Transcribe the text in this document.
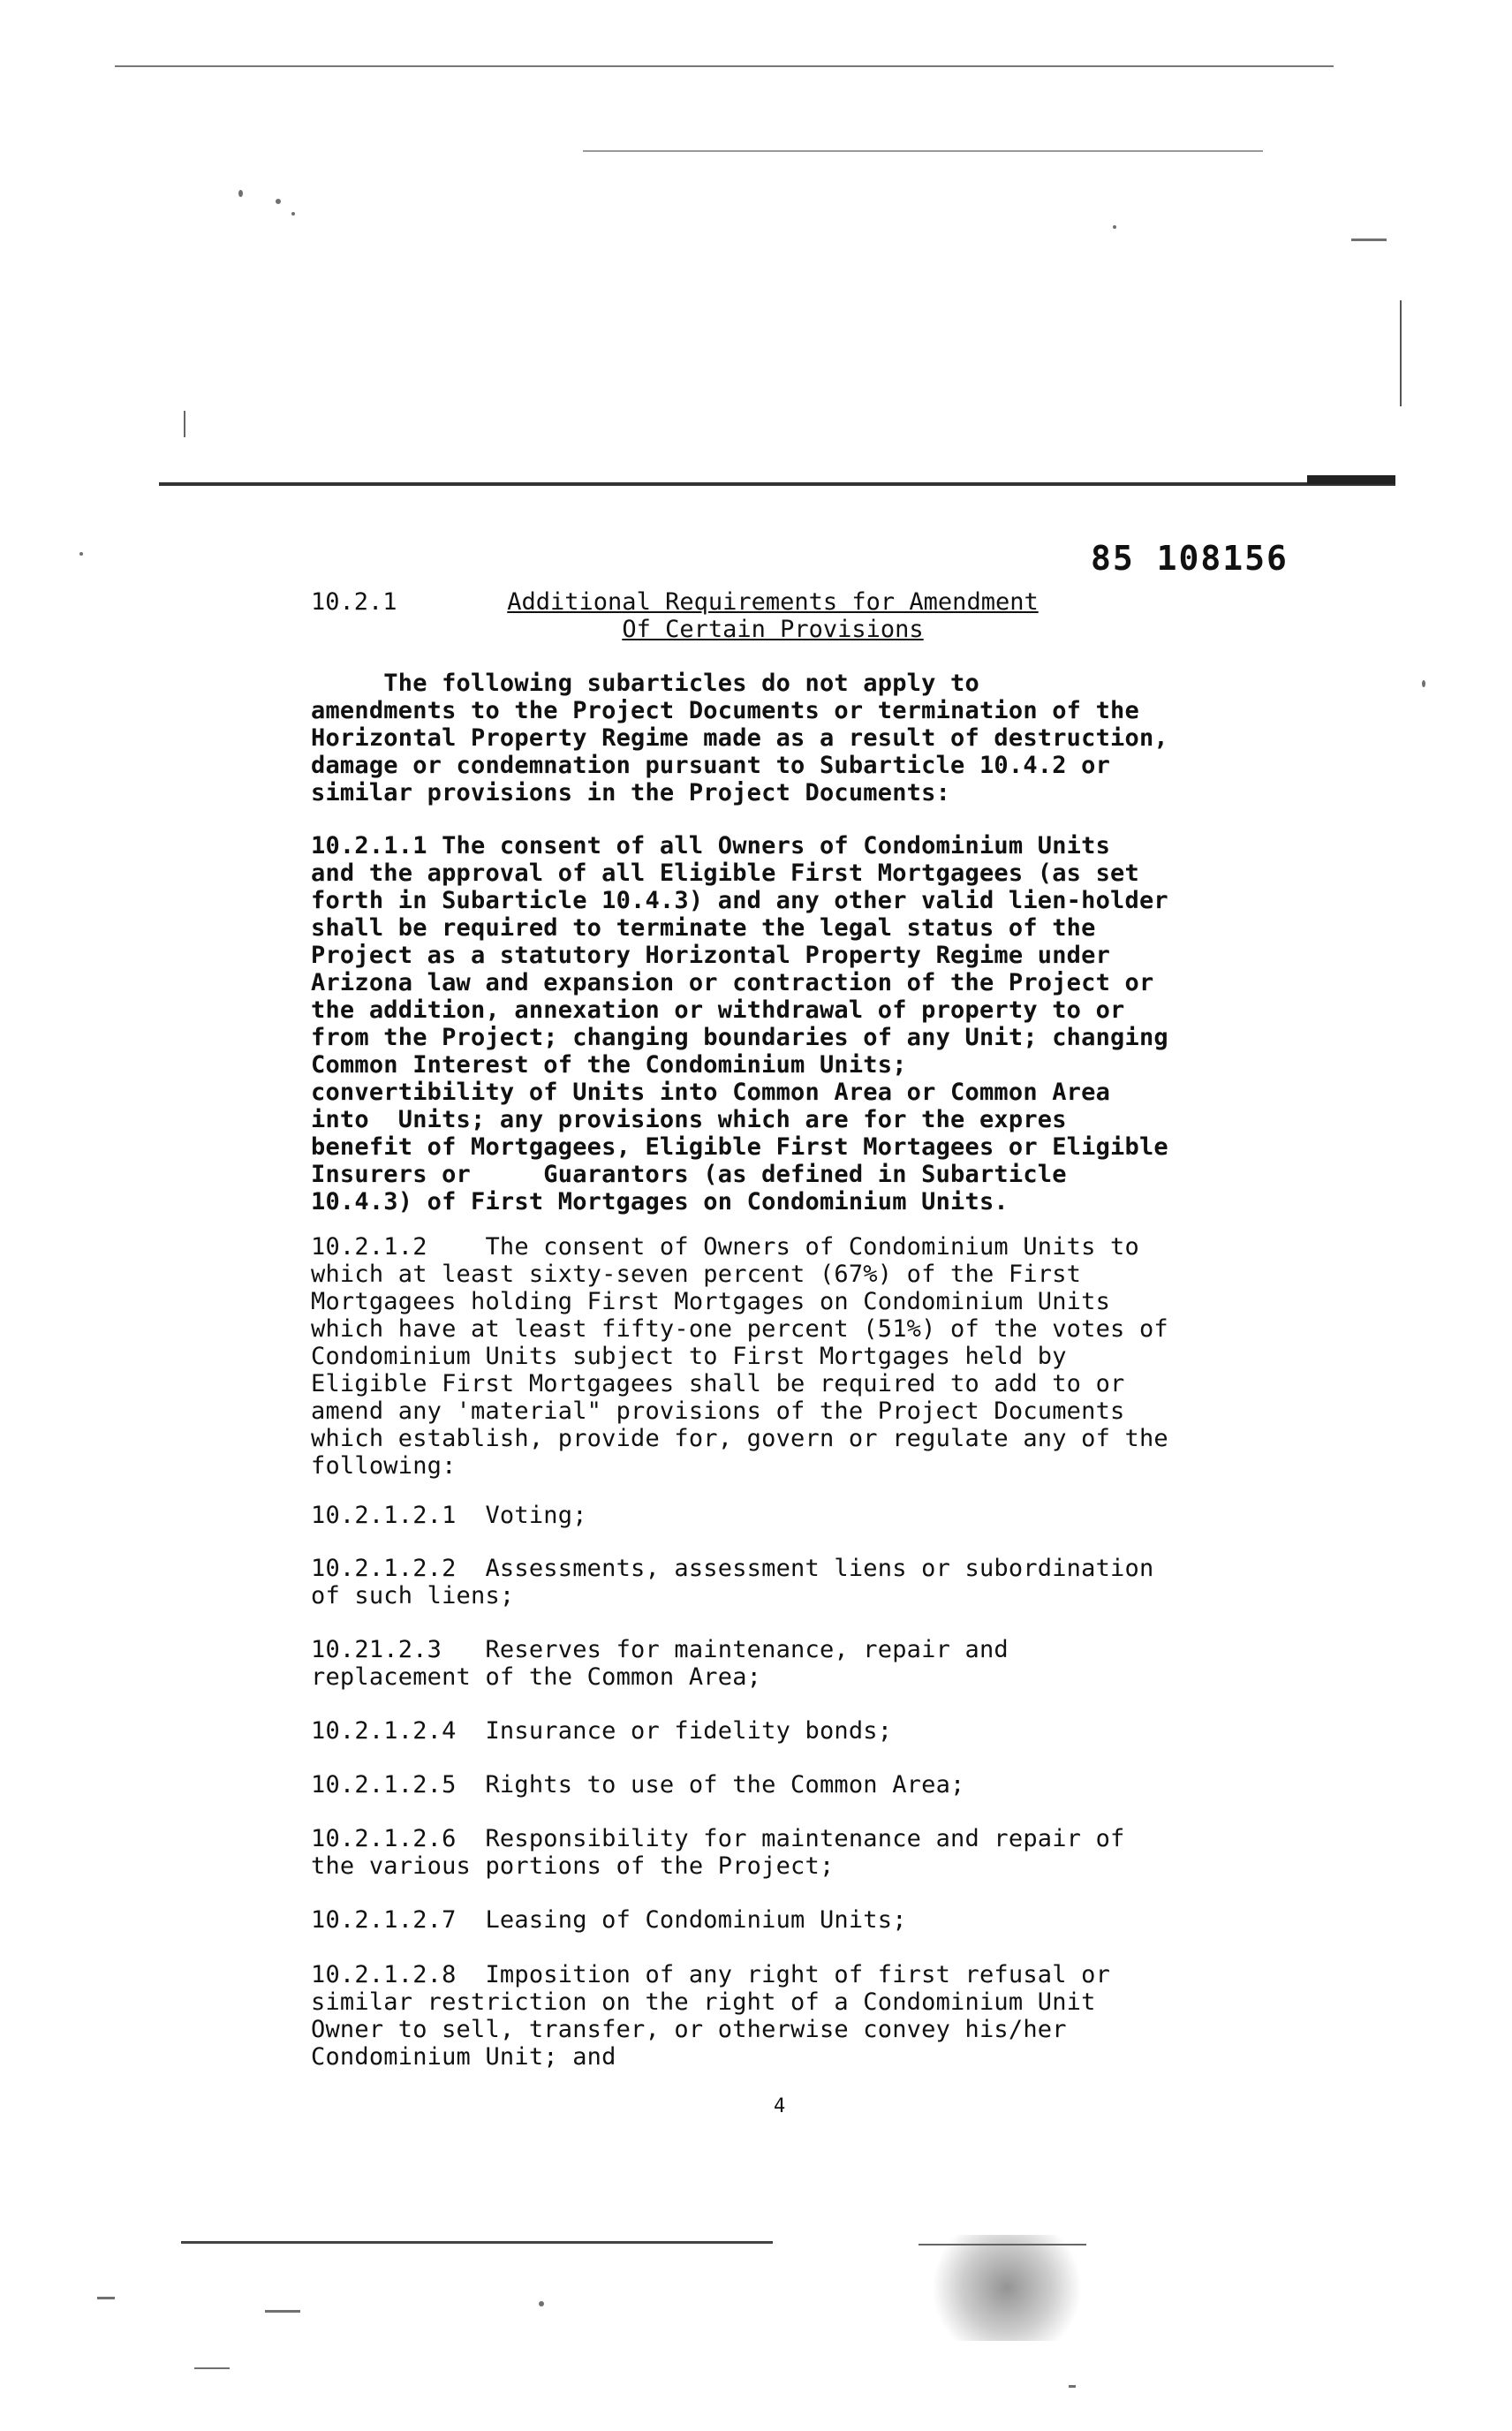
85 108156
10.2.1	Additional Requirements for Amendment
Of Certain Provisions
The following subarticles do not apply to
amendments to the Project Documents or termination of the
Horizontal Property Regime made as a result of destruction,
damage or condemnation pursuant to Subarticle 10.4.2 or
similar provisions in the Project Documents:
10.2.1.1 The consent of all Owners of Condominium Units
and the approval of all Eligible First Mortgagees (as set
forth in Subarticle 10.4.3) and any other valid lien-holder
shall be required to terminate the legal status of the
Project as a statutory Horizontal Property Regime under
Arizona law and expansion or contraction of the Project or
the addition, annexation or withdrawal of property to or
from the Project; changing boundaries of any Unit; changing
Common Interest of the Condominium Units;
convertibility of Units into Common Area or Common Area
into  Units; any provisions which are for the expres
benefit of Mortgagees, Eligible First Mortagees or Eligible
Insurers or     Guarantors (as defined in Subarticle
10.4.3) of First Mortgages on Condominium Units.
10.2.1.2    The consent of Owners of Condominium Units to
which at least sixty-seven percent (67%) of the First
Mortgagees holding First Mortgages on Condominium Units
which have at least fifty-one percent (51%) of the votes of
Condominium Units subject to First Mortgages held by
Eligible First Mortgagees shall be required to add to or
amend any 'material" provisions of the Project Documents
which establish, provide for, govern or regulate any of the
following:
10.2.1.2.1  Voting;
10.2.1.2.2  Assessments, assessment liens or subordination
of such liens;
10.21.2.3   Reserves for maintenance, repair and
replacement of the Common Area;
10.2.1.2.4  Insurance or fidelity bonds;
10.2.1.2.5  Rights to use of the Common Area;
10.2.1.2.6  Responsibility for maintenance and repair of
the various portions of the Project;
10.2.1.2.7  Leasing of Condominium Units;
10.2.1.2.8  Imposition of any right of first refusal or
similar restriction on the right of a Condominium Unit
Owner to sell, transfer, or otherwise convey his/her
Condominium Unit; and
4
